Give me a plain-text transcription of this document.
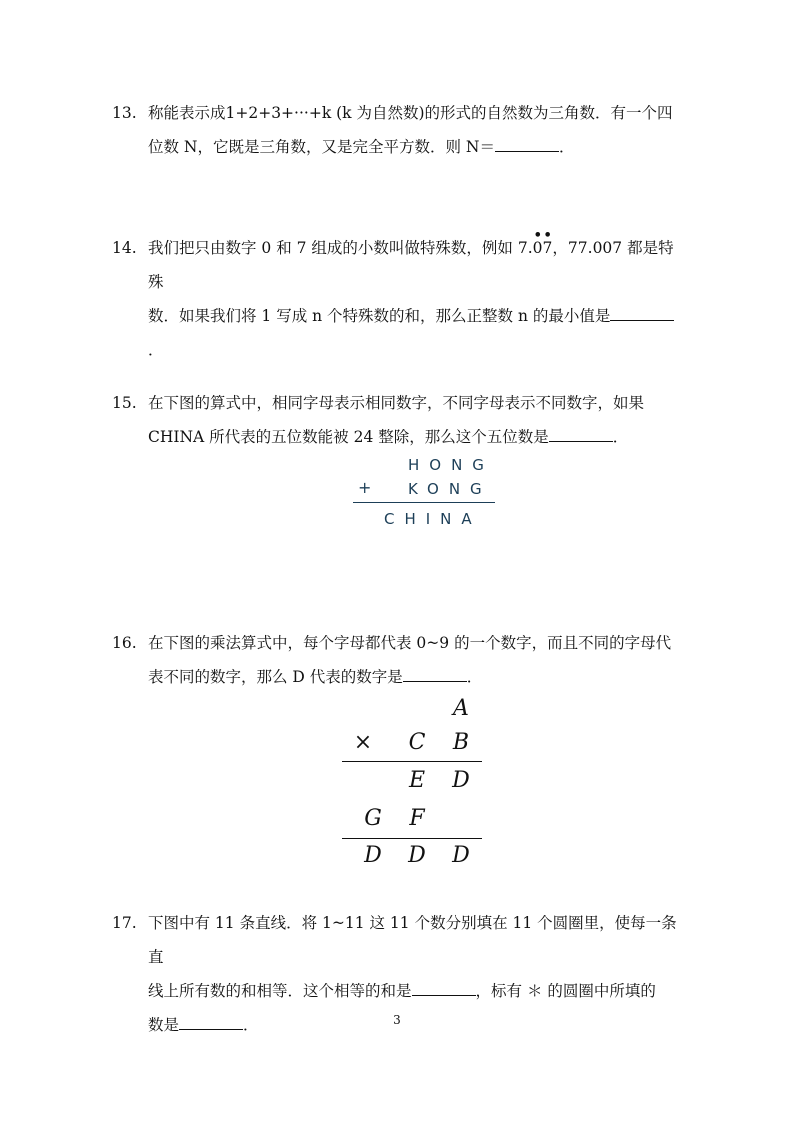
13. 称能表示成1+2+3+···+k (k 为自然数)的形式的自然数为三角数．有一个四
位数 N，它既是三角数，又是完全平方数．则 N＝	．
14. 我们把只由数字 0 和 7 组成的小数叫做特殊数，例如 7.
•
0
•
7，77.007 都是特殊
数．如果我们将 1 写成 n 个特殊数的和，那么正整数 n 的最小值是．
15. 在下图的算式中，相同字母表示相同数字，不同字母表示不同数字，如果
CHINA 所代表的五位数能被 24 整除，那么这个五位数是	．
HONG
+ KONG
CHINA
16. 在下图的乘法算式中，每个字母都代表 0~9 的一个数字，而且不同的字母代
表不同的数字，那么 D 代表的数字是	．
A
× C B
E D
G F
D D D
17. 下图中有 11 条直线．将 1~11 这 11 个数分别填在 11 个圆圈里，使每一条直
线上所有数的和相等．这个相等的和是	，标有 ＊ 的圆圈中所填的
数是	．	3
